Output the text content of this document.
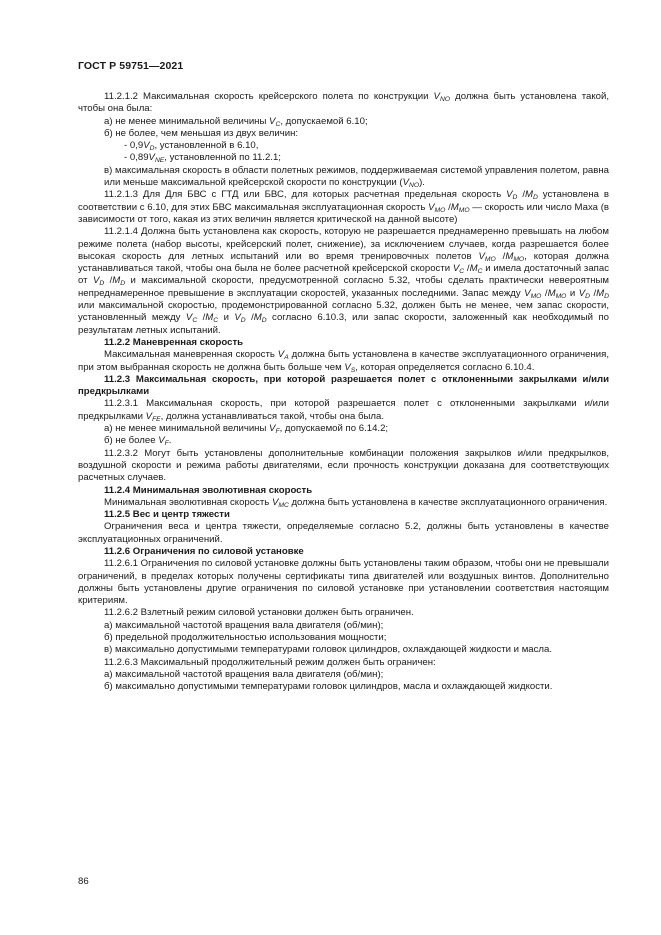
ГОСТ Р 59751—2021

11.2.1.2 Максимальная скорость крейсерского полета по конструкции $V_{NO}$ должна быть установлена такой, чтобы она была:

а) не менее минимальной величины $V_C$, допускаемой 6.10;

б) не более, чем меньшая из двух величин:

- $0,9V_D$, установленной в 6.10,

- $0,89V_{NE}$, установленной по 11.2.1;

в) максимальная скорость в области полетных режимов, поддерживаемая системой управления полетом, равна или меньше максимальной крейсерской скорости по конструкции $(V_{NO})$.

11.2.1.3 Для Для БВС с ГТД или БВС, для которых расчетная предельная скорость $V_D$ $/M_D$ установлена в соответствии с 6.10, для этих БВС максимальная эксплуатационная скорость $V_{MO}$ $/M_{MO}$ — скорость или число Маха (в зависимости от того, какая из этих величин является критической на данной высоте)

11.2.1.4 Должна быть установлена как скорость, которую не разрешается преднамеренно превышать на любом режиме полета (набор высоты, крейсерский полет, снижение), за исключением случаев, когда разрешается более высокая скорость для летных испытаний или во время тренировочных полетов $V_{MO}$ $/M_{MO}$, которая должна устанавливаться такой, чтобы она была не более расчетной крейсерской скорости $V_C$ $/M_C$ и имела достаточный запас от $V_D$ $/M_D$ и максимальной скорости, предусмотренной согласно 5.32, чтобы сделать практически невероятным непреднамеренное превышение в эксплуатации скоростей, указанных последними. Запас между $V_{MO}$ $/M_{MO}$ и $V_D$ $/M_D$ или максимальной скоростью, продемонстрированной согласно 5.32, должен быть не менее, чем запас скорости, установленный между $V_C$ $/M_C$ и $V_D$ $/M_D$ согласно 6.10.3, или запас скорости, заложенный как необходимый по результатам летных испытаний.

11.2.2 Маневренная скорость

Максимальная маневренная скорость $V_A$ должна быть установлена в качестве эксплуатационного ограничения, при этом выбранная скорость не должна быть больше чем $V_S$, которая определяется согласно 6.10.4.

11.2.3 Максимальная скорость, при которой разрешается полет с отклоненными закрылками и/или предкрылками

11.2.3.1 Максимальная скорость, при которой разрешается полет с отклоненными закрылками и/или предкрылками $V_{FE}$, должна устанавливаться такой, чтобы она была.

а) не менее минимальной величины $V_F$, допускаемой по 6.14.2;

б) не более $V_F$.

11.2.3.2 Могут быть установлены дополнительные комбинации положения закрылков и/или предкрылков, воздушной скорости и режима работы двигателями, если прочность конструкции доказана для соответствующих расчетных случаев.

11.2.4 Минимальная эволютивная скорость

Минимальная эволютивная скорость $V_{MC}$ должна быть установлена в качестве эксплуатационного ограничения.

11.2.5 Вес и центр тяжести

Ограничения веса и центра тяжести, определяемые согласно 5.2, должны быть установлены в качестве эксплуатационных ограничений.

11.2.6 Ограничения по силовой установке

11.2.6.1 Ограничения по силовой установке должны быть установлены таким образом, чтобы они не превышали ограничений, в пределах которых получены сертификаты типа двигателей или воздушных винтов. Дополнительно должны быть установлены другие ограничения по силовой установке при установлении соответствия настоящим критериям.

11.2.6.2 Взлетный режим силовой установки должен быть ограничен.

а) максимальной частотой вращения вала двигателя (об/мин);

б) предельной продолжительностью использования мощности;

в) максимально допустимыми температурами головок цилиндров, охлаждающей жидкости и масла.

11.2.6.3 Максимальный продолжительный режим должен быть ограничен:

а) максимальной частотой вращения вала двигателя (об/мин);

б) максимально допустимыми температурами головок цилиндров, масла и охлаждающей жидкости.

86
